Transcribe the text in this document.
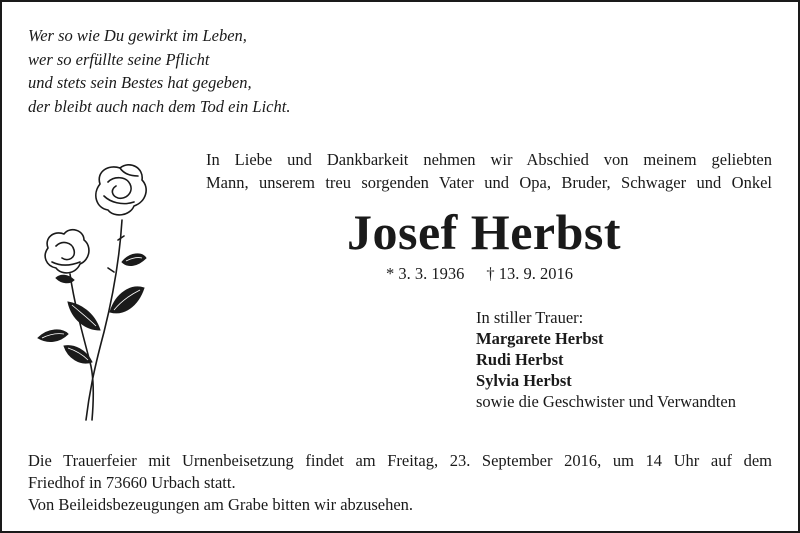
Wer so wie Du gewirkt im Leben,
wer so erfüllte seine Pflicht
und stets sein Bestes hat gegeben,
der bleibt auch nach dem Tod ein Licht.
In Liebe und Dankbarkeit nehmen wir Abschied von meinem geliebten
Mann, unserem treu sorgenden Vater und Opa, Bruder, Schwager und Onkel
Josef Herbst
* 3. 3. 1936 † 13. 9. 2016
In stiller Trauer:
Margarete Herbst
Rudi Herbst
Sylvia Herbst
sowie die Geschwister und Verwandten
Die Trauerfeier mit Urnenbeisetzung findet am Freitag, 23. September 2016, um 14 Uhr auf dem
Friedhof in 73660 Urbach statt.
Von Beileidsbezeugungen am Grabe bitten wir abzusehen.
